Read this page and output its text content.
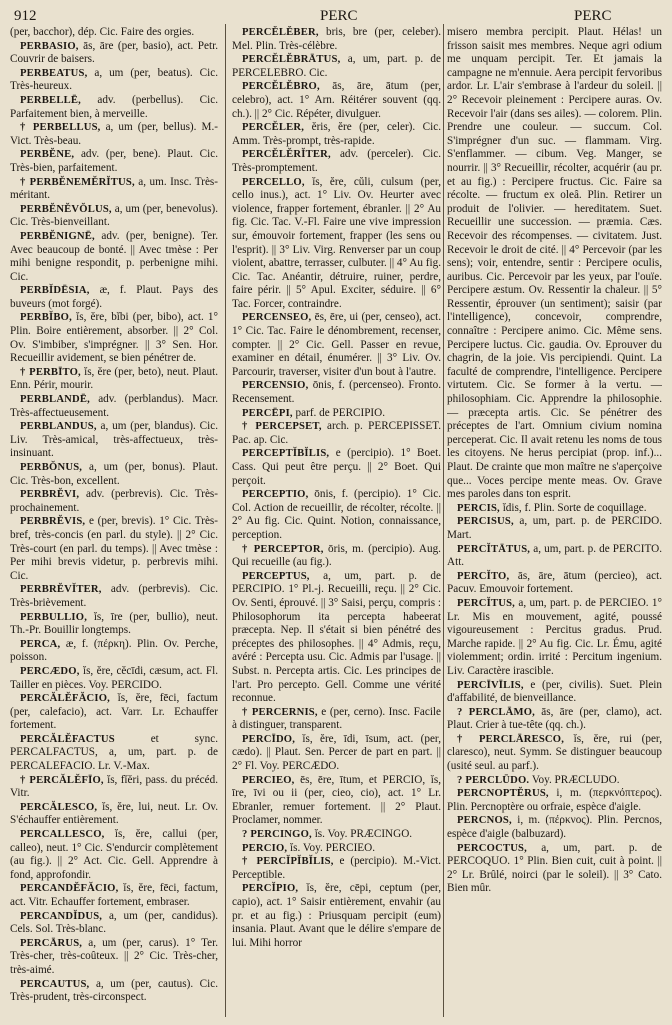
912	PERC	PERC

(per, bacchor), dép. Cic. Faire des orgies.

PERBASIO, ās, āre (per, basio), act. Petr. Couvrir de baisers.

PERBEATUS, a, um (per, beatus). Cic. Très-heureux.

PERBELLĒ, adv. (perbellus). Cic. Parfaitement bien, à merveille.

† PERBELLUS, a, um (per, bellus). M.-Vict. Très-beau.

PERBĔNE, adv. (per, bene). Plaut. Cic. Très-bien, parfaitement.

† PERBĔNEMĔRĬTUS, a, um. Insc. Très-méritant.

PERBĔNĔVŎLUS, a, um (per, benevolus). Cic. Très-bienveillant.

PERBĔNIGNĒ, adv. (per, benigne). Ter. Avec beaucoup de bonté. || Avec tmèse : Per mihi benigne respondit, p. perbenigne mihi. Cic.

PERBĬDĒSIA, æ, f. Plaut. Pays des buveurs (mot forgé).

PERBĬBO, ĭs, ĕre, bĭbi (per, bibo), act. 1° Plin. Boire entièrement, absorber. || 2° Col. Ov. S'imbiber, s'imprégner. || 3° Sen. Hor. Recueillir avidement, se bien pénétrer de.

† PERBĪTO, ĭs, ĕre (per, beto), neut. Plaut. Enn. Périr, mourir.

PERBLANDĒ, adv. (perblandus). Macr. Très-affectueusement.

PERBLANDUS, a, um (per, blandus). Cic. Liv. Très-amical, très-affectueux, très-insinuant.

PERBŎNUS, a, um (per, bonus). Plaut. Cic. Très-bon, excellent.

PERBRĔVI, adv. (perbrevis). Cic. Très-prochainement.

PERBRĔVIS, e (per, brevis). 1° Cic. Très-bref, très-concis (en parl. du style). || 2° Cic. Très-court (en parl. du temps). || Avec tmèse : Per mihi brevis videtur, p. perbrevis mihi. Cic.

PERBRĔVĬTER, adv. (perbrevis). Cic. Très-brièvement.

PERBULLIO, ĭs, īre (per, bullio), neut. Th.-Pr. Bouillir longtemps.

PERCA, æ, f. (πέρκη). Plin. Ov. Perche, poisson.

PERCÆDO, ĭs, ĕre, cĕcīdi, cæsum, act. Fl. Tailler en pièces. Voy. PERCIDO.

PERCĂLĔFĂCIO, ĭs, ĕre, fēci, factum (per, calefacio), act. Varr. Lr. Echauffer fortement.

PERCĂLĔFACTUS et sync. PERCALFACTUS, a, um, part. p. de PERCALEFACIO. Lr. V.-Max.

† PERCĂLĔFĪO, ĭs, fĭĕri, pass. du précéd. Vitr.

PERCĂLESCO, ĭs, ĕre, lui, neut. Lr. Ov. S'échauffer entièrement.

PERCALLESCO, ĭs, ĕre, callui (per, calleo), neut. 1° Cic. S'endurcir complètement (au fig.). || 2° Act. Cic. Gell. Apprendre à fond, approfondir.

PERCANDĔFĂCIO, ĭs, ĕre, fēci, factum, act. Vitr. Echauffer fortement, embraser.

PERCANDĬDUS, a, um (per, candidus). Cels. Sol. Très-blanc.

PERCĀRUS, a, um (per, carus). 1° Ter. Très-cher, très-coûteux. || 2° Cic. Très-cher, très-aimé.

PERCAUTUS, a, um (per, cautus). Cic. Très-prudent, très-circonspect.

PERCĔLĔBER, bris, bre (per, celeber). Mel. Plin. Très-célèbre.

PERCĔLĔBRĀTUS, a, um, part. p. de PERCELEBRO. Cic.

PERCĔLĔBRO, ās, āre, ātum (per, celebro), act. 1° Arn. Réitérer souvent (qq. ch.). || 2° Cic. Répéter, divulguer.

PERCĔLER, ĕris, ĕre (per, celer). Cic. Amm. Très-prompt, très-rapide.

PERCĔLĔRĬTER, adv. (perceler). Cic. Très-promptement.

PERCELLO, ĭs, ĕre, cŭli, culsum (per, cello inus.), act. 1° Liv. Ov. Heurter avec violence, frapper fortement, ébranler. || 2° Au fig. Cic. Tac. V.-Fl. Faire une vive impression sur, émouvoir fortement, frapper (les sens ou l'esprit). || 3° Liv. Virg. Renverser par un coup violent, abattre, terrasser, culbuter. || 4° Au fig. Cic. Tac. Anéantir, détruire, ruiner, perdre, faire périr. || 5° Apul. Exciter, séduire. || 6° Tac. Forcer, contraindre.

PERCENSEO, ēs, ēre, ui (per, censeo), act. 1° Cic. Tac. Faire le dénombrement, recenser, compter. || 2° Cic. Gell. Passer en revue, examiner en détail, énumérer. || 3° Liv. Ov. Parcourir, traverser, visiter d'un bout à l'autre.

PERCENSIO, ōnis, f. (percenseo). Fronto. Recensement.

PERCĒPI, parf. de PERCIPIO.

† PERCEPSET, arch. p. PERCEPISSET. Pac. ap. Cic.

PERCEPTĬBĬLIS, e (percipio). 1° Boet. Cass. Qui peut être perçu. || 2° Boet. Qui perçoit.

PERCEPTIO, ōnis, f. (percipio). 1° Cic. Col. Action de recueillir, de récolter, récolte. || 2° Au fig. Cic. Quint. Notion, connaissance, perception.

† PERCEPTOR, ōris, m. (percipio). Aug. Qui recueille (au fig.).

PERCEPTUS, a, um, part. p. de PERCIPIO. 1° Pl.-j. Recueilli, reçu. || 2° Cic. Ov. Senti, éprouvé. || 3° Saisi, perçu, compris : Philosophorum ita percepta habeerat præcepta. Nep. Il s'était si bien pénétré des préceptes des philosophes. || 4° Admis, reçu, avéré : Percepta usu. Cic. Admis par l'usage. || Subst. n. Percepta artis. Cic. Les principes de l'art. Pro percepto. Gell. Comme une vérité reconnue.

† PERCERNIS, e (per, cerno). Insc. Facile à distinguer, transparent.

PERCĪDO, ĭs, ĕre, īdi, īsum, act. (per, cædo). || Plaut. Sen. Percer de part en part. || 2° Fl. Voy. PERCÆDO.

PERCIEO, ēs, ēre, ītum, et PERCIO, ĭs, īre, īvi ou ii (per, cieo, cio), act. 1° Lr. Ebranler, remuer fortement. || 2° Plaut. Proclamer, nommer.

? PERCINGO, ĭs. Voy. PRÆCINGO.

PERCIO, ĭs. Voy. PERCIEO.

† PERCĬPĬBĬLIS, e (percipio). M.-Vict. Perceptible.

PERCĬPIO, ĭs, ĕre, cēpi, ceptum (per, capio), act. 1° Saisir entièrement, envahir (au pr. et au fig.) : Priusquam percipit (eum) insania. Plaut. Avant que le délire s'empare de lui. Mihi horror

misero membra percipit. Plaut. Hélas! un frisson saisit mes membres. Neque agri odium me unquam percipit. Ter. Et jamais la campagne ne m'ennuie. Aera percipit fervoribus ardor. Lr. L'air s'embrase à l'ardeur du soleil. || 2° Recevoir pleinement : Percipere auras. Ov. Recevoir l'air (dans ses ailes). — colorem. Plin. Prendre une couleur. — succum. Col. S'imprégner d'un suc. — flammam. Virg. S'enflammer. — cibum. Veg. Manger, se nourrir. || 3° Recueillir, récolter, acquérir (au pr. et au fig.) : Percipere fructus. Cic. Faire sa récolte. — fructum ex oleâ. Plin. Retirer un produit de l'olivier. — hereditatem. Suet. Recueillir une succession. — præmia. Cæs. Recevoir des récompenses. — civitatem. Just. Recevoir le droit de cité. || 4° Percevoir (par les sens); voir, entendre, sentir : Percipere oculis, auribus. Cic. Percevoir par les yeux, par l'ouïe. Percipere æstum. Ov. Ressentir la chaleur. || 5° Ressentir, éprouver (un sentiment); saisir (par l'intelligence), concevoir, comprendre, connaître : Percipere animo. Cic. Même sens. Percipere luctus. Cic. gaudia. Ov. Eprouver du chagrin, de la joie. Vis percipiendi. Quint. La faculté de comprendre, l'intelligence. Percipere virtutem. Cic. Se former à la vertu. — philosophiam. Cic. Apprendre la philosophie. — præcepta artis. Cic. Se pénétrer des préceptes de l'art. Omnium civium nomina perceperat. Cic. Il avait retenu les noms de tous les citoyens. Ne herus percipiat (prop. inf.)... Plaut. De crainte que mon maître ne s'aperçoive que... Voces percipe mente meas. Ov. Grave mes paroles dans ton esprit.

PERCIS, ĭdis, f. Plin. Sorte de coquillage.

PERCISUS, a, um, part. p. de PERCIDO. Mart.

PERCĬTĀTUS, a, um, part. p. de PERCITO. Att.

PERCĬTO, ās, āre, ātum (percieo), act. Pacuv. Emouvoir fortement.

PERCĬTUS, a, um, part. p. de PERCIEO. 1° Lr. Mis en mouvement, agité, poussé vigoureusement : Percitus gradus. Prud. Marche rapide. || 2° Au fig. Cic. Lr. Ému, agité violemment; ordin. irrité : Percitum ingenium. Liv. Caractère irascible.

PERCĪVĪLIS, e (per, civilis). Suet. Plein d'affabilité, de bienveillance.

? PERCLĀMO, ās, āre (per, clamo), act. Plaut. Crier à tue-tête (qq. ch.).

† PERCLĀRESCO, ĭs, ĕre, rui (per, claresco), neut. Symm. Se distinguer beaucoup (usité seul. au parf.).

? PERCLŪDO. Voy. PRÆCLUDO.

PERCNOPTĔRUS, i, m. (περκνόπτερος). Plin. Percnoptère ou orfraie, espèce d'aigle.

PERCNOS, i, m. (πέρκνος). Plin. Percnos, espèce d'aigle (balbuzard).

PERCOCTUS, a, um, part. p. de PERCOQUO. 1° Plin. Bien cuit, cuit à point. || 2° Lr. Brûlé, noirci (par le soleil). || 3° Cato. Bien mûr.
